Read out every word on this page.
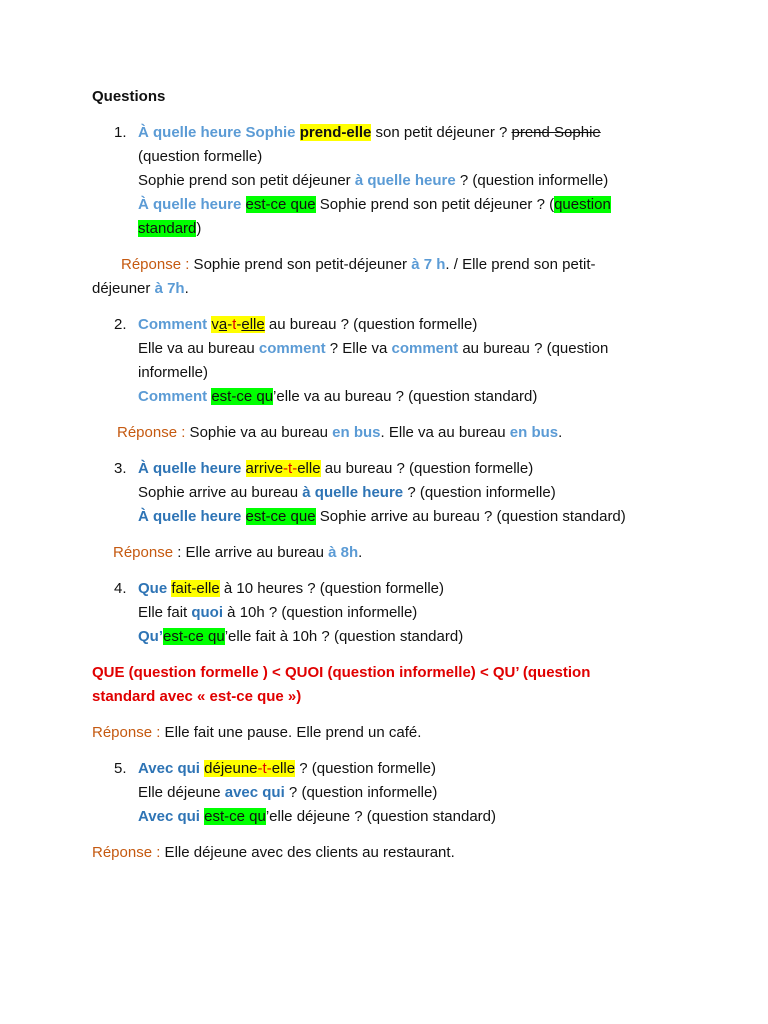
Questions
1. À quelle heure Sophie prend-elle son petit déjeuner ? prend Sophie
(question formelle)
Sophie prend son petit déjeuner à quelle heure ? (question informelle)
À quelle heure est-ce que Sophie prend son petit déjeuner ? (question
standard)
Réponse : Sophie prend son petit-déjeuner à 7 h. / Elle prend son petit-
déjeuner à 7h.
2. Comment va-t-elle au bureau ? (question formelle)
Elle va au bureau comment ? Elle va comment au bureau ? (question
informelle)
Comment est-ce qu’elle va au bureau ? (question standard)
Réponse : Sophie va au bureau en bus. Elle va au bureau en bus.
3. À quelle heure arrive-t-elle au bureau ? (question formelle)
Sophie arrive au bureau à quelle heure ? (question informelle)
À quelle heure est-ce que Sophie arrive au bureau ? (question standard)
Réponse : Elle arrive au bureau à 8h.
4. Que fait-elle à 10 heures ? (question formelle)
Elle fait quoi à 10h ? (question informelle)
Qu’est-ce qu’elle fait à 10h ? (question standard)
QUE (question formelle ) < QUOI (question informelle) < QU’ (question
standard avec « est-ce que »)
Réponse : Elle fait une pause. Elle prend un café.
5. Avec qui déjeune-t-elle ? (question formelle)
Elle déjeune avec qui ? (question informelle)
Avec qui est-ce qu’elle déjeune ? (question standard)
Réponse : Elle déjeune avec des clients au restaurant.
